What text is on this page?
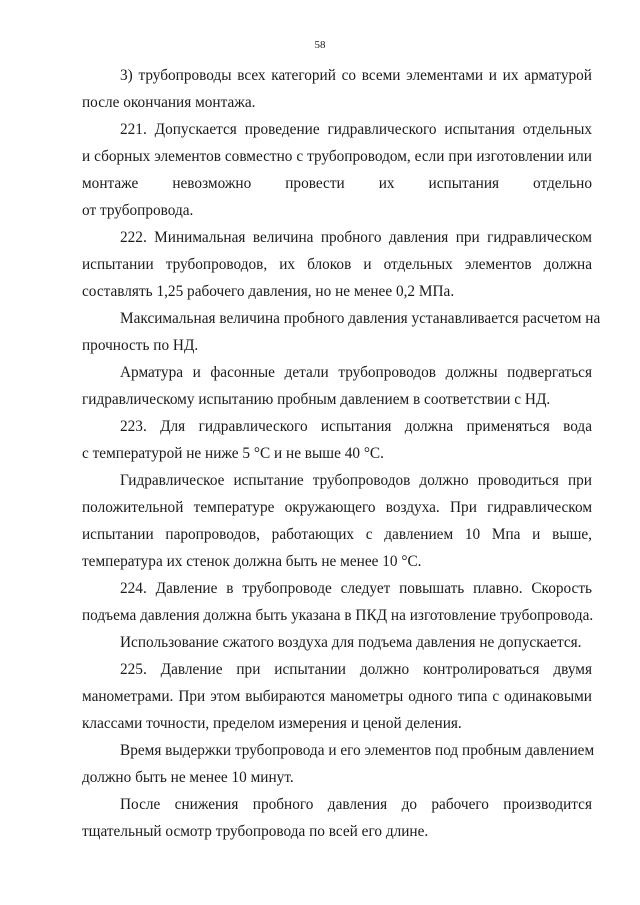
58
3) трубопроводы всех категорий со всеми элементами и их арматурой
после окончания монтажа.
221. Допускается проведение гидравлического испытания отдельных
и сборных элементов совместно с трубопроводом, если при изготовлении или
монтаже невозможно провести их испытания отдельно
от трубопровода.
222. Минимальная величина пробного давления при гидравлическом
испытании трубопроводов, их блоков и отдельных элементов должна
составлять 1,25 рабочего давления, но не менее 0,2 МПа.
Максимальная величина пробного давления устанавливается расчетом на
прочность по НД.
Арматура и фасонные детали трубопроводов должны подвергаться
гидравлическому испытанию пробным давлением в соответствии с НД.
223. Для гидравлического испытания должна применяться вода
с температурой не ниже 5 °С и не выше 40 °С.
Гидравлическое испытание трубопроводов должно проводиться при
положительной температуре окружающего воздуха. При гидравлическом
испытании паропроводов, работающих с давлением 10 Мпа и выше,
температура их стенок должна быть не менее 10 °С.
224. Давление в трубопроводе следует повышать плавно. Скорость
подъема давления должна быть указана в ПКД на изготовление трубопровода.
Использование сжатого воздуха для подъема давления не допускается.
225. Давление при испытании должно контролироваться двумя
манометрами. При этом выбираются манометры одного типа с одинаковыми
классами точности, пределом измерения и ценой деления.
Время выдержки трубопровода и его элементов под пробным давлением
должно быть не менее 10 минут.
После снижения пробного давления до рабочего производится
тщательный осмотр трубопровода по всей его длине.
